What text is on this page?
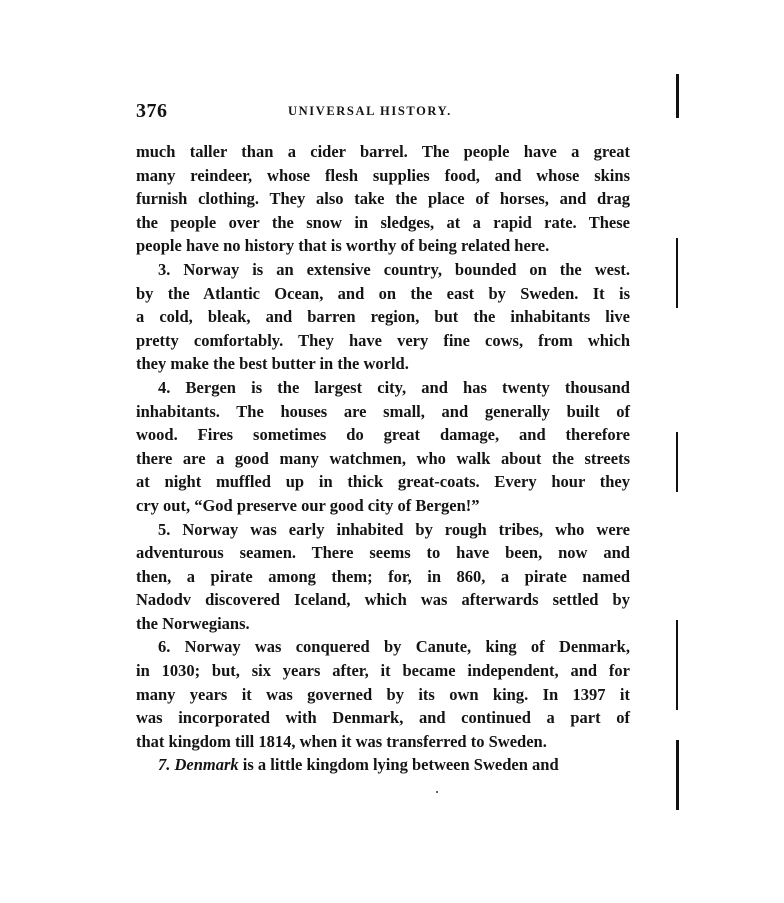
376	UNIVERSAL HISTORY.
much taller than a cider barrel. The people have a great
many reindeer, whose flesh supplies food, and whose skins
furnish clothing. They also take the place of horses, and drag
the people over the snow in sledges, at a rapid rate. These
people have no history that is worthy of being related here.
3. Norway is an extensive country, bounded on the west.
by the Atlantic Ocean, and on the east by Sweden. It is
a cold, bleak, and barren region, but the inhabitants live
pretty comfortably. They have very fine cows, from which
they make the best butter in the world.
4. Bergen is the largest city, and has twenty thousand
inhabitants. The houses are small, and generally built of
wood. Fires sometimes do great damage, and therefore
there are a good many watchmen, who walk about the streets
at night muffled up in thick great-coats. Every hour they
cry out, “God preserve our good city of Bergen!”
5. Norway was early inhabited by rough tribes, who were
adventurous seamen. There seems to have been, now and
then, a pirate among them; for, in 860, a pirate named
Nadodv discovered Iceland, which was afterwards settled by
the Norwegians.
6. Norway was conquered by Canute, king of Denmark,
in 1030; but, six years after, it became independent, and for
many years it was governed by its own king. In 1397 it
was incorporated with Denmark, and continued a part of
that kingdom till 1814, when it was transferred to Sweden.
7. Denmark is a little kingdom lying between Sweden and
